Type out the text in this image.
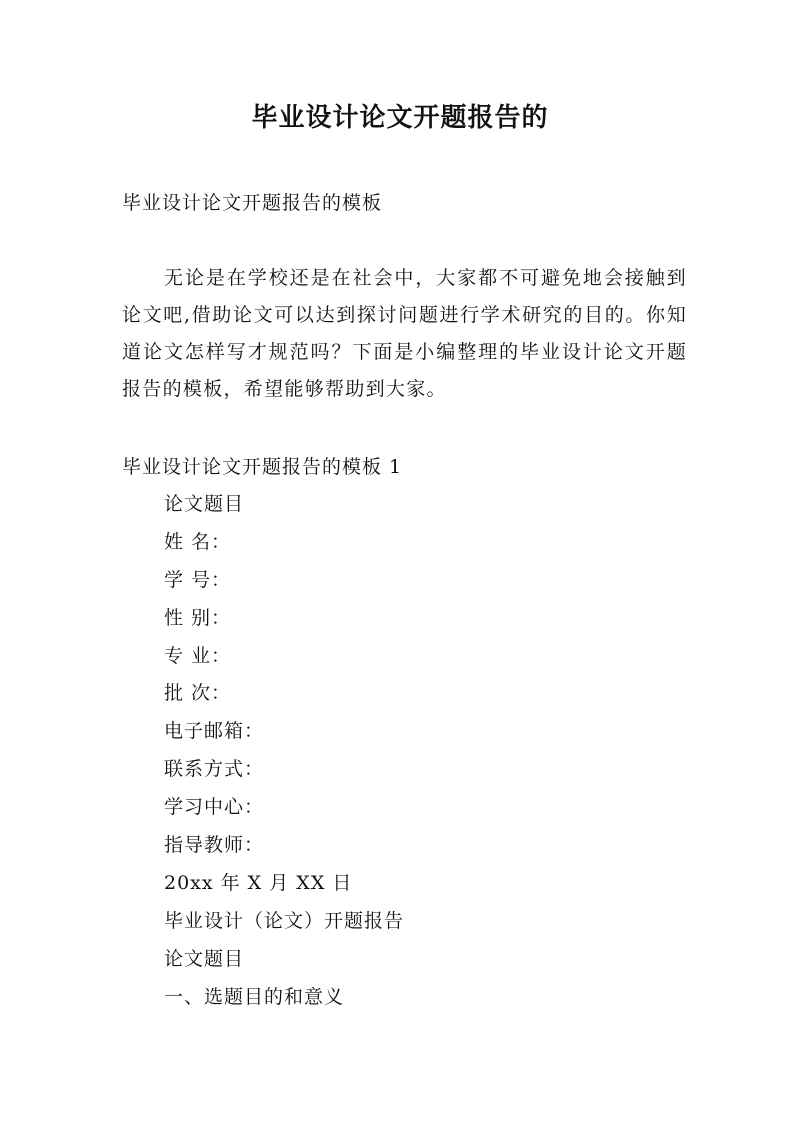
毕业设计论文开题报告的
毕业设计论文开题报告的模板

无论是在学校还是在社会中，大家都不可避免地会接触到论文吧,借助论文可以达到探讨问题进行学术研究的目的。你知道论文怎样写才规范吗？下面是小编整理的毕业设计论文开题报告的模板，希望能够帮助到大家。

毕业设计论文开题报告的模板 1
论文题目
姓 名：
学 号：
性 别：
专 业：
批 次：
电子邮箱：
联系方式：
学习中心：
指导教师：
20xx 年 X 月 XX 日
毕业设计（论文）开题报告
论文题目
一、选题目的和意义
